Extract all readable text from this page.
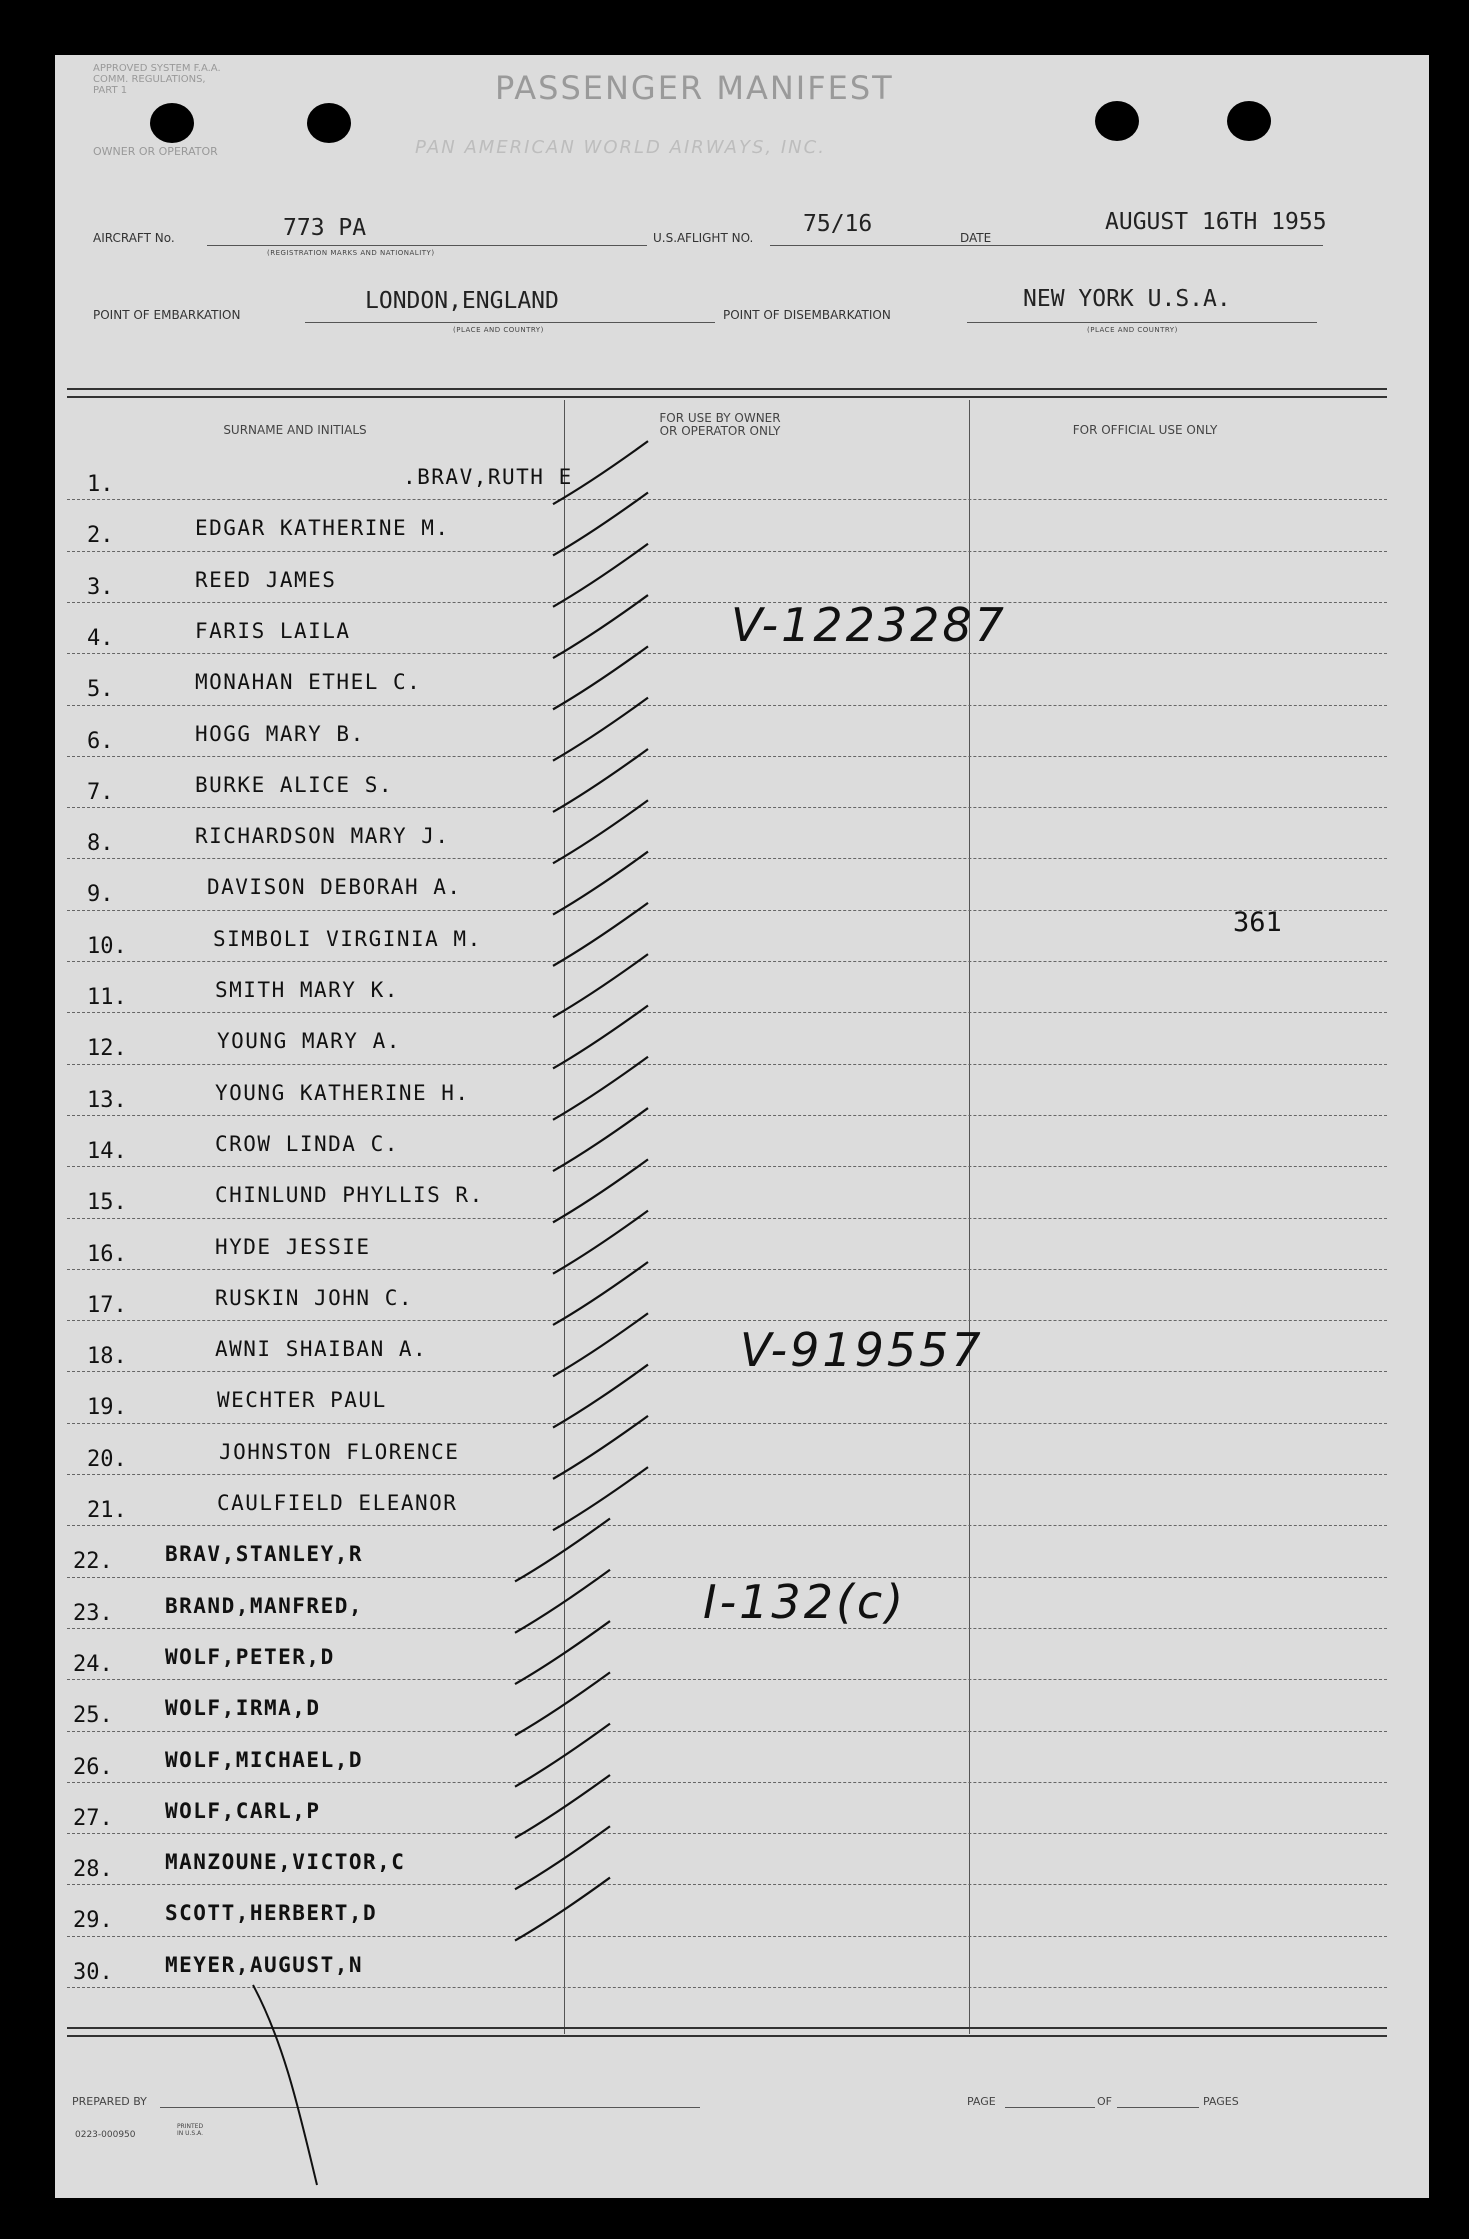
APPROVED SYSTEM F.A.A. COMM. REGULATIONS, PART 1	PASSENGER MANIFEST
OWNER OR OPERATOR	PAN AMERICAN WORLD AIRWAYS, INC.
AIRCRAFT No.	773 PA
(REGISTRATION MARKS AND NATIONALITY)
U.S.A.
FLIGHT NO.
75/16
DATE
AUGUST 16TH 1955
POINT OF EMBARKATION
LONDON,ENGLAND
(PLACE AND COUNTRY)
POINT OF DISEMBARKATION
NEW YORK U.S.A.
(PLACE AND COUNTRY)
SURNAME AND INITIALS
FOR USE BY OWNER OR OPERATOR ONLY	FOR OFFICIAL USE ONLY
1.	.BRAV,RUTH E
2.	EDGAR KATHERINE M.
3.	REED JAMES
4.	FARIS LAILA
5.	MONAHAN ETHEL C.
6.	HOGG MARY B.
7.	BURKE ALICE S.
8.	RICHARDSON MARY J.
9.	DAVISON DEBORAH A.
10.	SIMBOLI VIRGINIA M.
11.	SMITH MARY K.
12.	YOUNG MARY A.
13.	YOUNG KATHERINE H.
14.	CROW LINDA C.
15.	CHINLUND PHYLLIS R.
16.	HYDE JESSIE
17.	RUSKIN JOHN C.
18.	AWNI SHAIBAN A.
19.	WECHTER PAUL
20.	JOHNSTON FLORENCE
21.	CAULFIELD ELEANOR
22. BRAV,STANLEY,R
23. BRAND,MANFRED,
24. WOLF,PETER,D
25. WOLF,IRMA,D
26. WOLF,MICHAEL,D
27. WOLF,CARL,P
28. MANZOUNE,VICTOR,C
29. SCOTT,HERBERT,D
30. MEYER,AUGUST,N
V-1223287
V-919557
I-132(c)
361
PREPARED BY
0223-000950
PRINTED IN U.S.A.
PAGE	OF	PAGES
